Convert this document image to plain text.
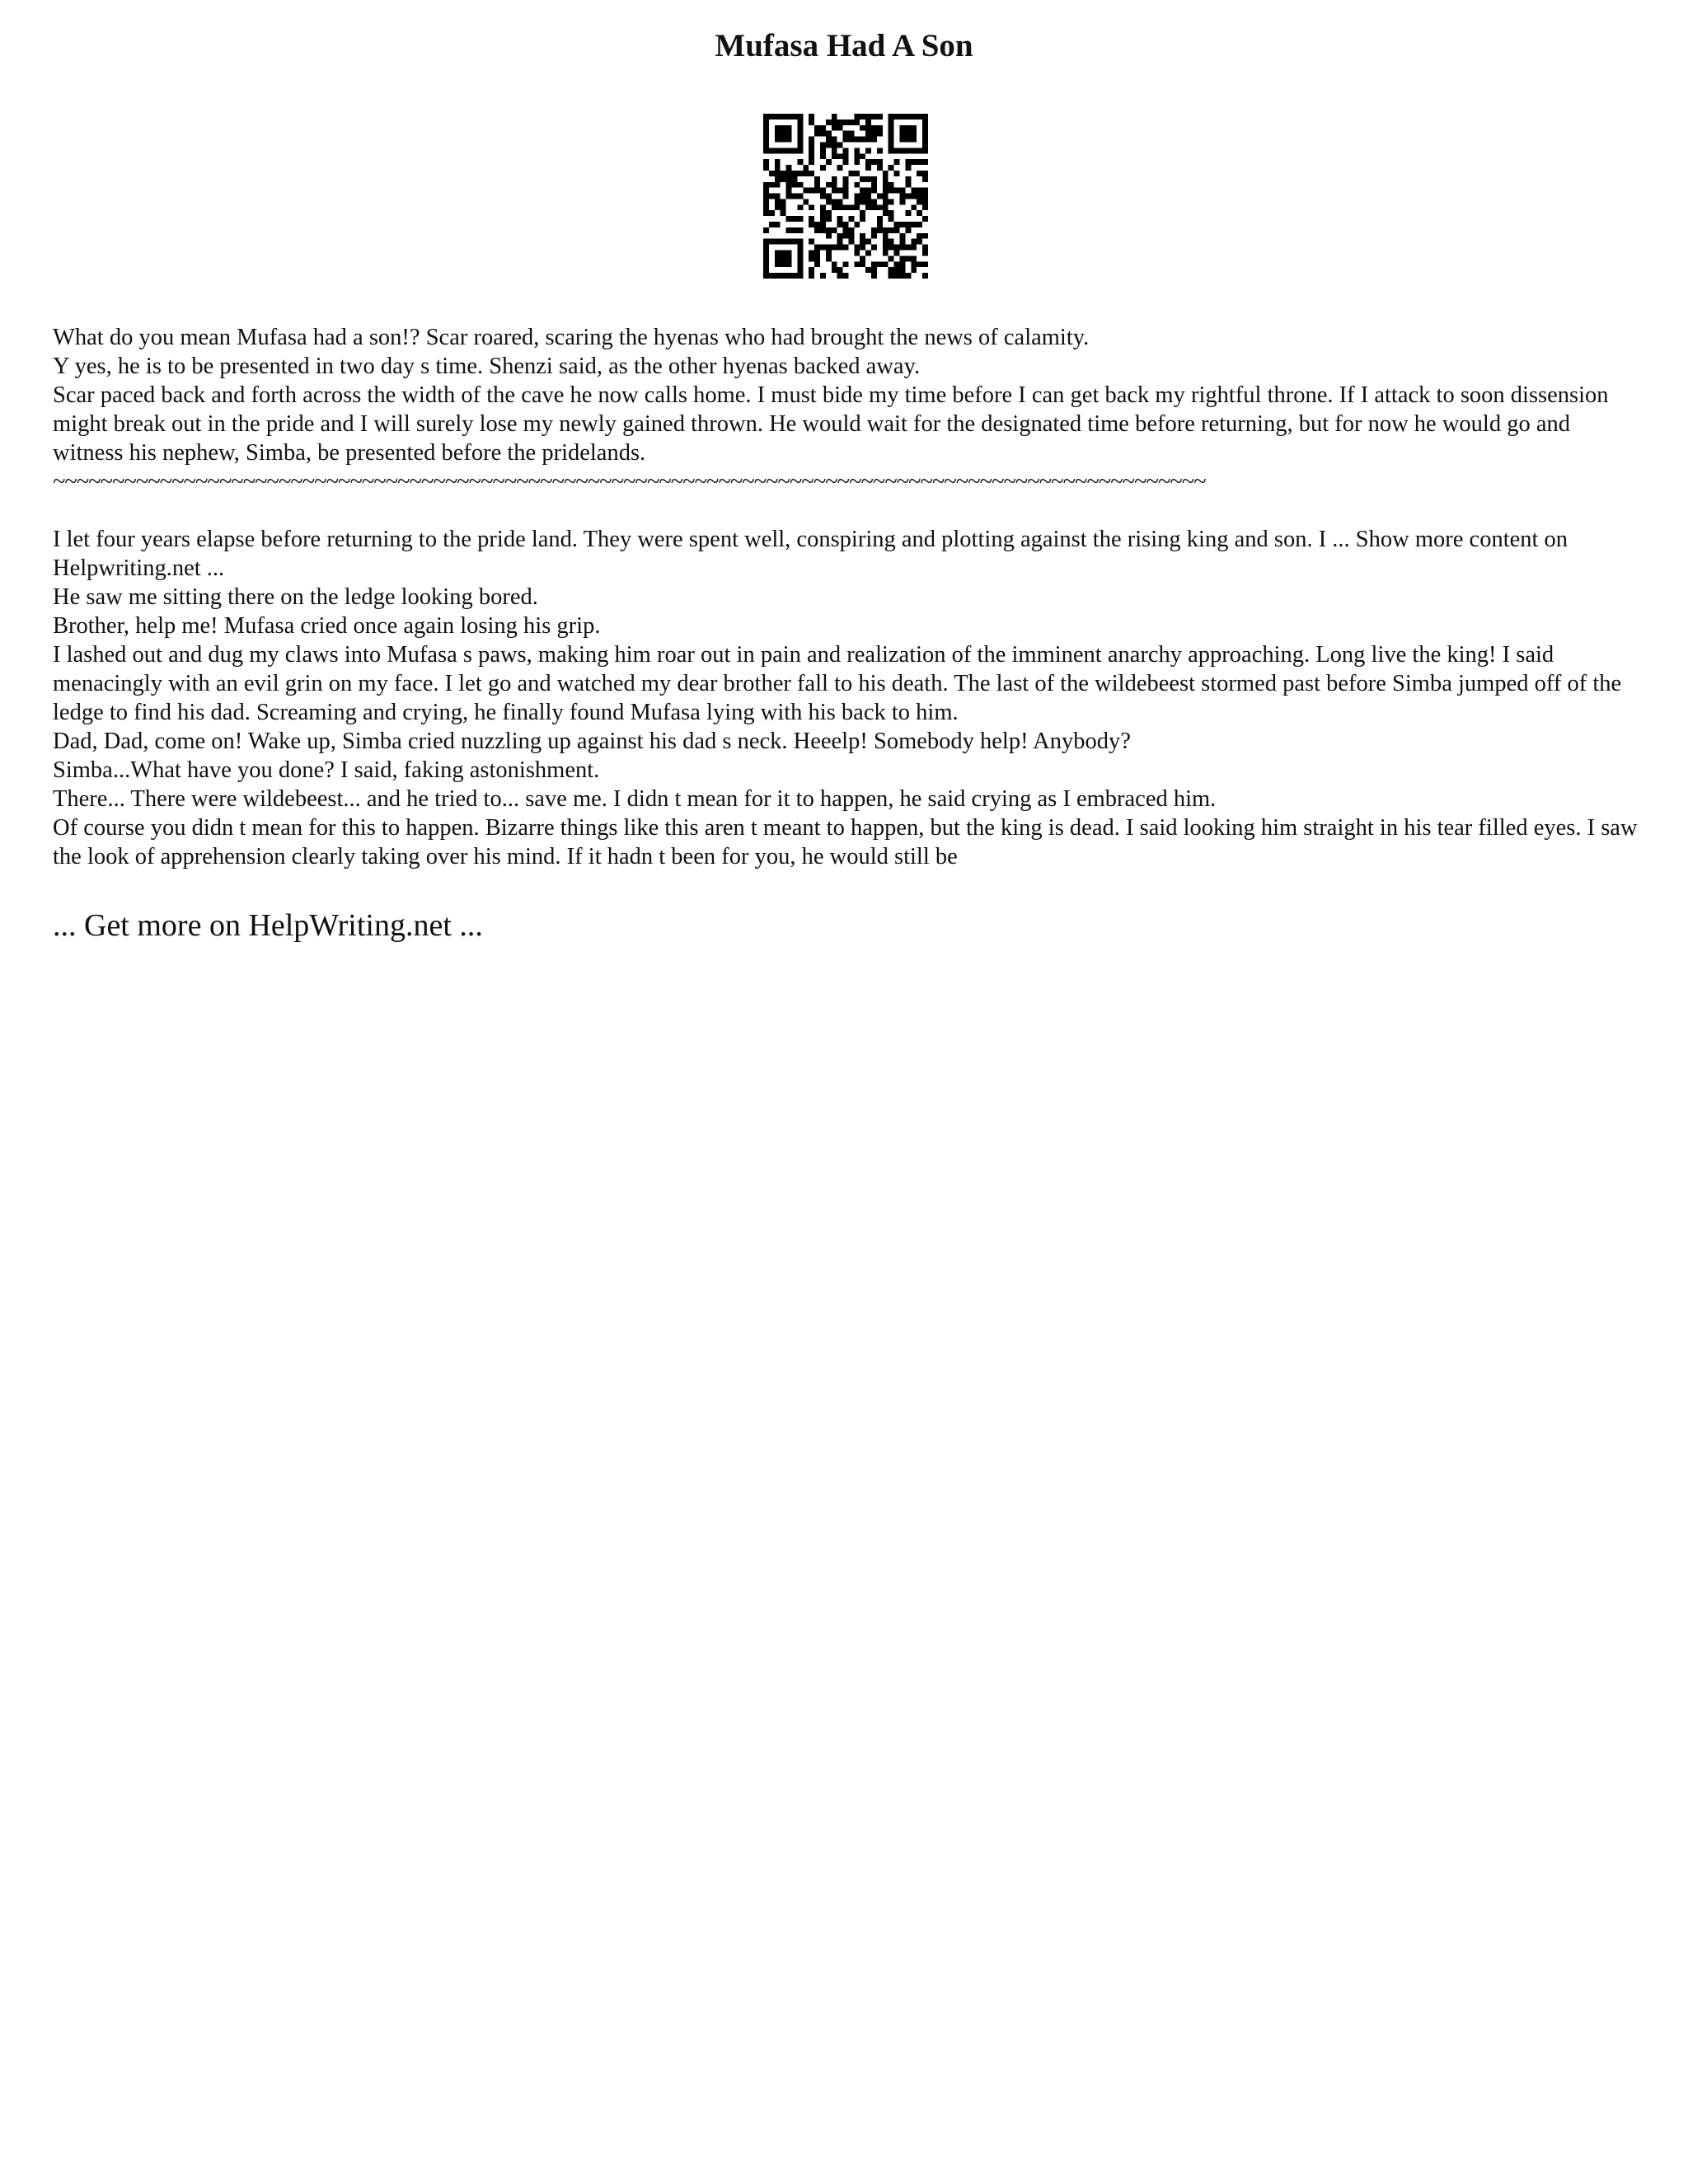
Mufasa Had A Son

What do you mean Mufasa had a son!? Scar roared, scaring the hyenas who had brought the news of calamity.

Y yes, he is to be presented in two day s time. Shenzi said, as the other hyenas backed away.

Scar paced back and forth across the width of the cave he now calls home. I must bide my time before I can get back my rightful throne. If I attack to soon dissension might break out in the pride and I will surely lose my newly gained thrown. He would wait for the designated time before returning, but for now he would go and witness his nephew, Simba, be presented before the pridelands.

~~~~~~~~~~~~~~~~~~~~~~~~~~~~~~~~~~~~~~~~~~~~~~~~~~~~~~~~~~~~~~~~~~~~~~~~~~~~~~~~~~~~~~~~~~~~~~~~~

I let four years elapse before returning to the pride land. They were spent well, conspiring and plotting against the rising king and son. I ... Show more content on Helpwriting.net ...

He saw me sitting there on the ledge looking bored.

Brother, help me! Mufasa cried once again losing his grip.

I lashed out and dug my claws into Mufasa s paws, making him roar out in pain and realization of the imminent anarchy approaching. Long live the king! I said menacingly with an evil grin on my face. I let go and watched my dear brother fall to his death. The last of the wildebeest stormed past before Simba jumped off of the ledge to find his dad. Screaming and crying, he finally found Mufasa lying with his back to him.

Dad, Dad, come on! Wake up, Simba cried nuzzling up against his dad s neck. Heeelp! Somebody help! Anybody?

Simba...What have you done? I said, faking astonishment.

There... There were wildebeest... and he tried to... save me. I didn t mean for it to happen, he said crying as I embraced him.

Of course you didn t mean for this to happen. Bizarre things like this aren t meant to happen, but the king is dead. I said looking him straight in his tear filled eyes. I saw the look of apprehension clearly taking over his mind. If it hadn t been for you, he would still be

... Get more on HelpWriting.net ...
